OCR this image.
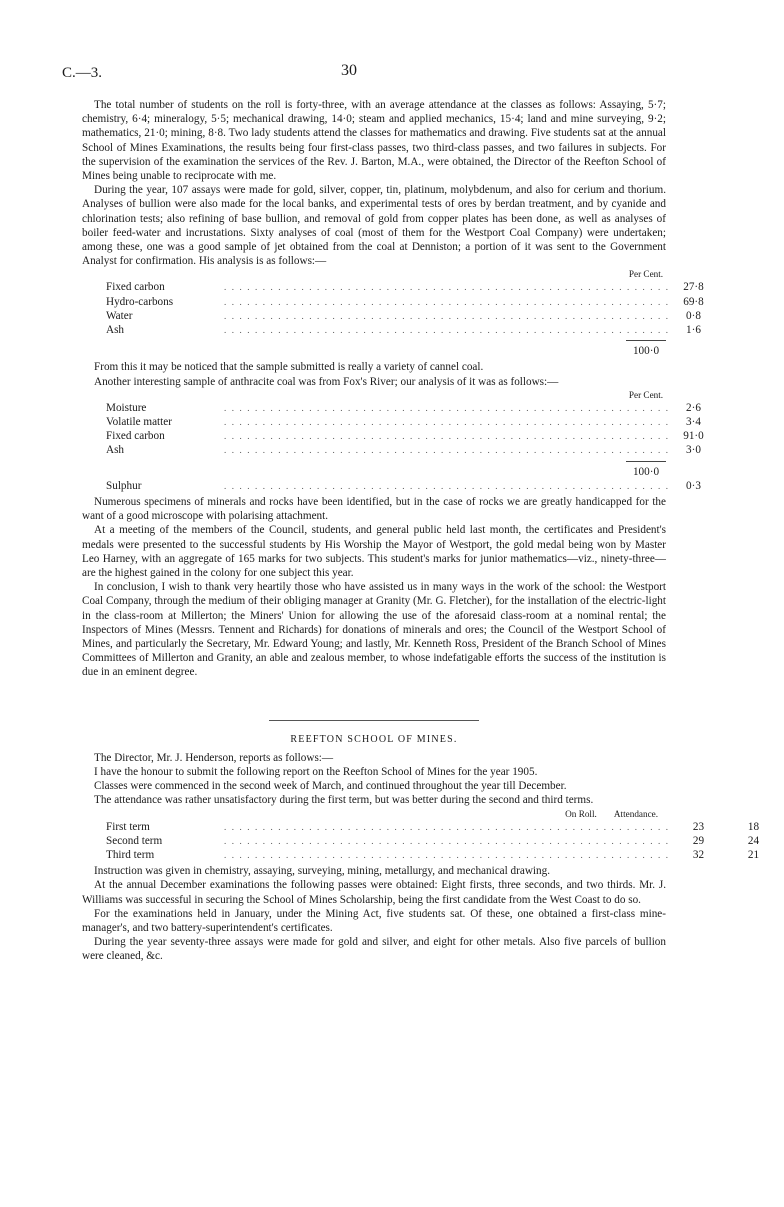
C.—3.	30

The total number of students on the roll is forty-three, with an average attendance at the classes as follows: Assaying, 5·7; chemistry, 6·4; mineralogy, 5·5; mechanical drawing, 14·0; steam and applied mechanics, 15·4; land and mine surveying, 9·2; mathematics, 21·0; mining, 8·8. Two lady students attend the classes for mathematics and drawing. Five students sat at the annual School of Mines Examinations, the results being four first-class passes, two third-class passes, and two failures in subjects. For the supervision of the examination the services of the Rev. J. Barton, M.A., were obtained, the Director of the Reefton School of Mines being unable to reciprocate with me.

During the year, 107 assays were made for gold, silver, copper, tin, platinum, molybdenum, and also for cerium and thorium. Analyses of bullion were also made for the local banks, and experimental tests of ores by berdan treatment, and by cyanide and chlorination tests; also refining of base bullion, and removal of gold from copper plates has been done, as well as analyses of boiler feed-water and incrustations. Sixty analyses of coal (most of them for the Westport Coal Company) were undertaken; among these, one was a good sample of jet obtained from the coal at Denniston; a portion of it was sent to the Government Analyst for confirmation. His analysis is as follows:—

Per Cent.
Fixed carbon	.......................................................... 27·8
Hydro-carbons	.......................................................... 69·8
Water	..........................................................	0·8
Ash	..........................................................	1·6
100·0

From this it may be noticed that the sample submitted is really a variety of cannel coal.

Another interesting sample of anthracite coal was from Fox's River; our analysis of it was as follows:—

Per Cent.
Moisture	..........................................................	2·6
Volatile matter	..........................................................	3·4
Fixed carbon	.......................................................... 91·0
Ash	..........................................................	3·0
100·0
Sulphur	..........................................................	0·3

Numerous specimens of minerals and rocks have been identified, but in the case of rocks we are greatly handicapped for the want of a good microscope with polarising attachment.

At a meeting of the members of the Council, students, and general public held last month, the certificates and President's medals were presented to the successful students by His Worship the Mayor of Westport, the gold medal being won by Master Leo Harney, with an aggregate of 165 marks for two subjects. This student's marks for junior mathematics—viz., ninety-three—are the highest gained in the colony for one subject this year.

In conclusion, I wish to thank very heartily those who have assisted us in many ways in the work of the school: the Westport Coal Company, through the medium of their obliging manager at Granity (Mr. G. Fletcher), for the installation of the electric-light in the class-room at Millerton; the Miners' Union for allowing the use of the aforesaid class-room at a nominal rental; the Inspectors of Mines (Messrs. Tennent and Richards) for donations of minerals and ores; the Council of the Westport School of Mines, and particularly the Secretary, Mr. Edward Young; and lastly, Mr. Kenneth Ross, President of the Branch School of Mines Committees of Millerton and Granity, an able and zealous member, to whose indefatigable efforts the success of the institution is due in an eminent degree.

REEFTON SCHOOL OF MINES.

The Director, Mr. J. Henderson, reports as follows:—

I have the honour to submit the following report on the Reefton School of Mines for the year 1905.

Classes were commenced in the second week of March, and continued throughout the year till December.

The attendance was rather unsatisfactory during the first term, but was better during the second and third terms.

On Roll.	Attendance.
First term	..........................................................	23	18
Second term	..........................................................	29	24
Third term	..........................................................	32	21

Instruction was given in chemistry, assaying, surveying, mining, metallurgy, and mechanical drawing.

At the annual December examinations the following passes were obtained: Eight firsts, three seconds, and two thirds. Mr. J. Williams was successful in securing the School of Mines Scholarship, being the first candidate from the West Coast to do so.

For the examinations held in January, under the Mining Act, five students sat. Of these, one obtained a first-class mine-manager's, and two battery-superintendent's certificates.

During the year seventy-three assays were made for gold and silver, and eight for other metals. Also five parcels of bullion were cleaned, &c.
